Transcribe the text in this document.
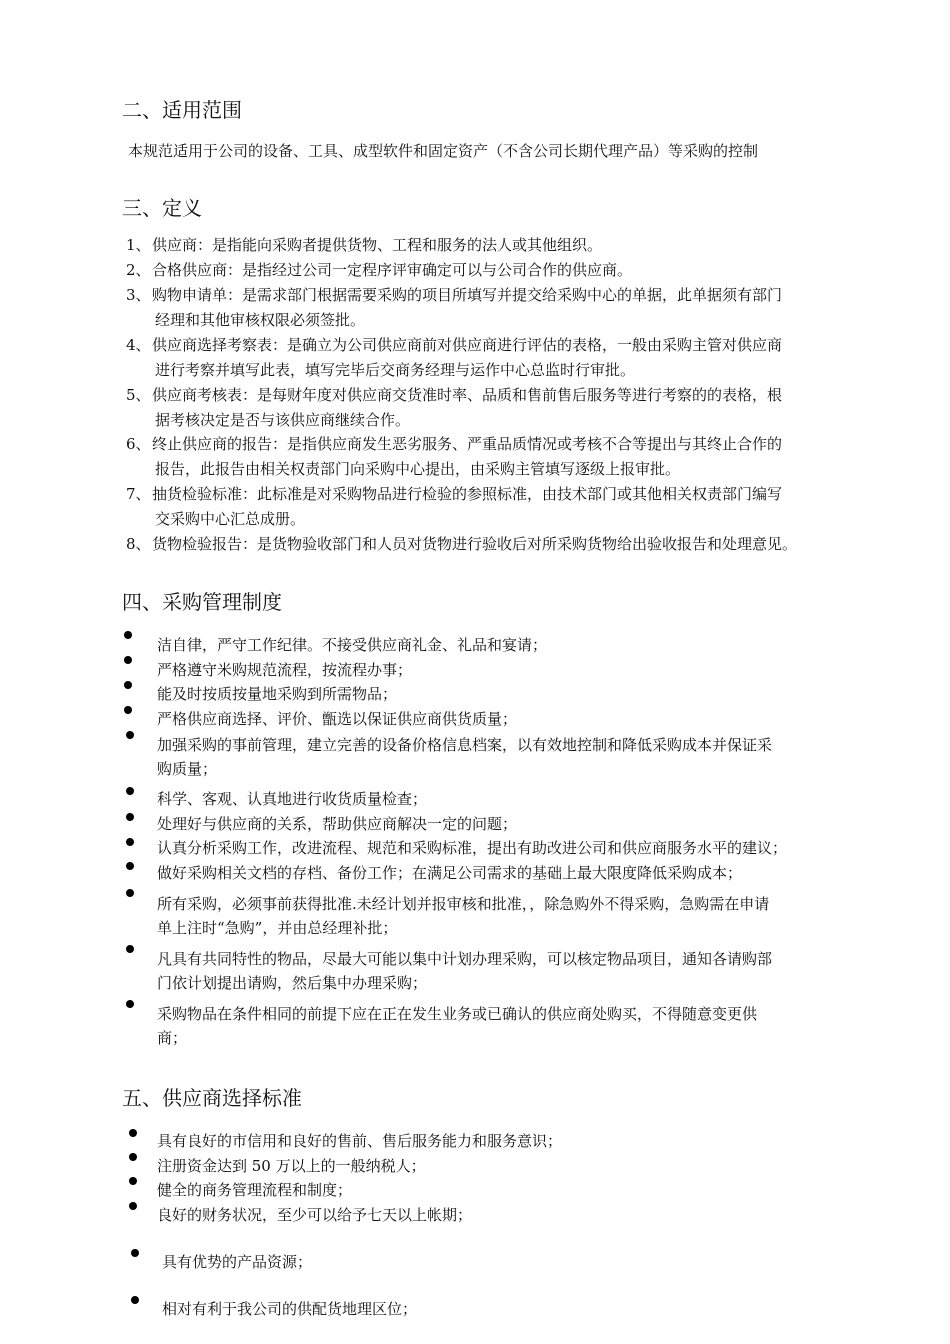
二、适用范围
本规范适用于公司的设备、工具、成型软件和固定资产（不含公司长期代理产品）等采购的控制
三、定义
1、供应商：是指能向采购者提供货物、工程和服务的法人或其他组织。
2、合格供应商：是指经过公司一定程序评审确定可以与公司合作的供应商。
3、购物申请单：是需求部门根据需要采购的项目所填写并提交给采购中心的单据，此单据须有部门
经理和其他审核权限必须签批。
4、供应商选择考察表：是确立为公司供应商前对供应商进行评估的表格，一般由采购主管对供应商
进行考察并填写此表，填写完毕后交商务经理与运作中心总监时行审批。
5、供应商考核表：是每财年度对供应商交货准时率、品质和售前售后服务等进行考察的的表格，根
据考核决定是否与该供应商继续合作。
6、终止供应商的报告：是指供应商发生恶劣服务、严重品质情况或考核不合等提出与其终止合作的
报告，此报告由相关权责部门向采购中心提出，由采购主管填写逐级上报审批。
7、抽货检验标准：此标准是对采购物品进行检验的参照标准，由技术部门或其他相关权责部门编写
交采购中心汇总成册。
8、货物检验报告：是货物验收部门和人员对货物进行验收后对所采购货物给出验收报告和处理意见。
四、采购管理制度
洁自律，严守工作纪律。不接受供应商礼金、礼品和宴请；
严格遵守米购规范流程，按流程办事；
能及时按质按量地采购到所需物品；
严格供应商选择、评价、甑选以保证供应商供货质量；
加强采购的事前管理，建立完善的设备价格信息档案，以有效地控制和降低采购成本并保证采
购质量；
科学、客观、认真地进行收货质量检查；
处理好与供应商的关系，帮助供应商解决一定的问题；
认真分析采购工作，改进流程、规范和采购标准，提出有助改进公司和供应商服务水平的建议；
做好采购相关文档的存档、备份工作；在满足公司需求的基础上最大限度降低采购成本；
所有采购，必须事前获得批准.未经计划并报审核和批准，，除急购外不得采购，急购需在申请
单上注时“急购”，并由总经理补批；
凡具有共同特性的物品，尽最大可能以集中计划办理采购，可以核定物品项目，通知各请购部
门依计划提出请购，然后集中办理采购；
采购物品在条件相同的前提下应在正在发生业务或已确认的供应商处购买，不得随意变更供
商；
五、供应商选择标准
具有良好的市信用和良好的售前、售后服务能力和服务意识；
注册资金达到 50 万以上的一般纳税人；
健全的商务管理流程和制度；
良好的财务状况，至少可以给予七天以上帐期；
具有优势的产品资源；
相对有利于我公司的供配货地理区位；
